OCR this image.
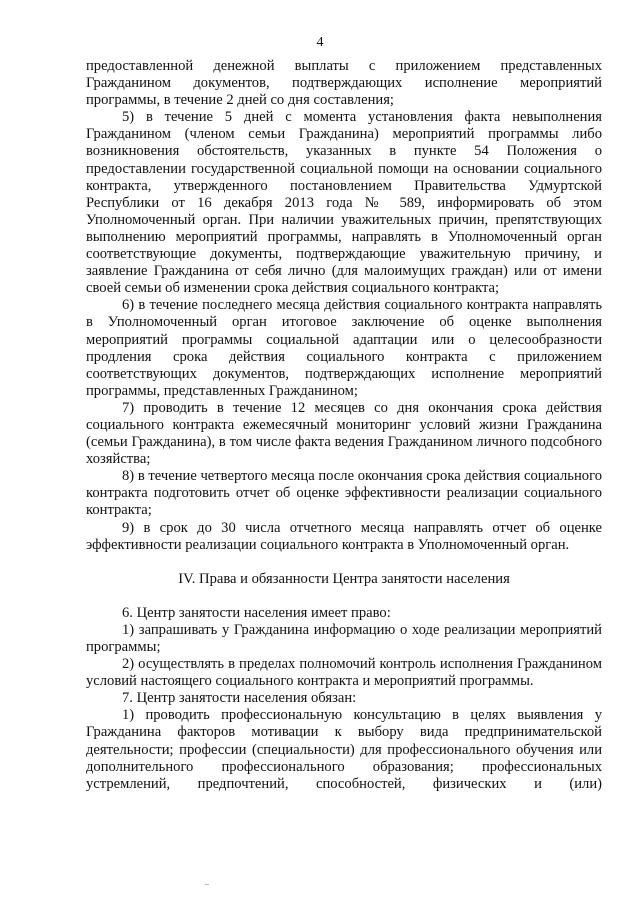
4

предоставленной денежной выплаты с приложением представленных Гражданином документов, подтверждающих исполнение мероприятий программы, в течение 2 дней со дня составления;

5) в течение 5 дней с момента установления факта невыполнения Гражданином (членом семьи Гражданина) мероприятий программы либо возникновения обстоятельств, указанных в пункте 54 Положения о предоставлении государственной социальной помощи на основании социального контракта, утвержденного постановлением Правительства Удмуртской Республики от 16 декабря 2013 года № 589, информировать об этом Уполномоченный орган. При наличии уважительных причин, препятствующих выполнению мероприятий программы, направлять в Уполномоченный орган соответствующие документы, подтверждающие уважительную причину, и заявление Гражданина от себя лично (для малоимущих граждан) или от имени своей семьи об изменении срока действия социального контракта;

6) в течение последнего месяца действия социального контракта направлять в Уполномоченный орган итоговое заключение об оценке выполнения мероприятий программы социальной адаптации или о целесообразности продления срока действия социального контракта с приложением соответствующих документов, подтверждающих исполнение мероприятий программы, представленных Гражданином;

7) проводить в течение 12 месяцев со дня окончания срока действия социального контракта ежемесячный мониторинг условий жизни Гражданина (семьи Гражданина), в том числе факта ведения Гражданином личного подсобного хозяйства;

8) в течение четвертого месяца после окончания срока действия социального контракта подготовить отчет об оценке эффективности реализации социального контракта;

9) в срок до 30 числа отчетного месяца направлять отчет об оценке эффективности реализации социального контракта в Уполномоченный орган.

IV. Права и обязанности Центра занятости населения

6. Центр занятости населения имеет право:

1) запрашивать у Гражданина информацию о ходе реализации мероприятий программы;

2) осуществлять в пределах полномочий контроль исполнения Гражданином условий настоящего социального контракта и мероприятий программы.

7. Центр занятости населения обязан:

1) проводить профессиональную консультацию в целях выявления у Гражданина факторов мотивации к выбору вида предпринимательской деятельности; профессии (специальности) для профессионального обучения или дополнительного профессионального образования; профессиональных устремлений, предпочтений, способностей, физических и (или)
